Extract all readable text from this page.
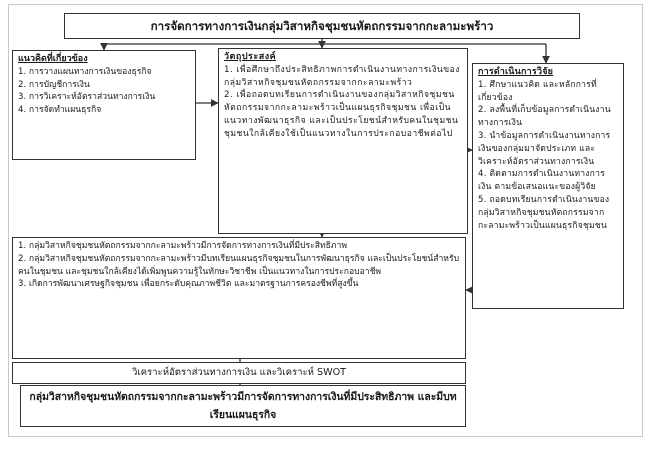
การจัดการทางการเงินกลุ่มวิสาหกิจชุมชนหัตถกรรมจากกะลามะพร้าว

แนวคิดที่เกี่ยวข้อง

1. การวางแผนทางการเงินของธุรกิจ

2. การบัญชีการเงิน

3. การวิเคราะห์อัตราส่วนทางการเงิน

4. การจัดทำแผนธุรกิจ

วัตถุประสงค์

1. เพื่อศึกษาถึงประสิทธิภาพการดำเนินงานทางการเงินของกลุ่มวิสาหกิจชุมชนหัตถกรรมจากกะลามะพร้าว

2. เพื่อถอดบทเรียนการดำเนินงานของกลุ่มวิสาหกิจชุมชนหัตถกรรมจากกะลามะพร้าวเป็นแผนธุรกิจชุมชน เพื่อเป็นแนวทางพัฒนาธุรกิจ และเป็นประโยชน์สำหรับคนในชุมชน ชุมชนใกล้เคียงใช้เป็นแนวทางในการประกอบอาชีพต่อไป

การดำเนินการวิจัย

1. ศึกษาแนวคิด และหลักการที่เกี่ยวข้อง

2. ลงพื้นที่เก็บข้อมูลการดำเนินงานทางการเงิน

3. นำข้อมูลการดำเนินงานทางการเงินของกลุ่มมาจัดประเภท และวิเคราะห์อัตราส่วนทางการเงิน

4. ติดตามการดำเนินงานทางการเงิน ตามข้อเสนอแนะของผู้วิจัย

5. ถอดบทเรียนการดำเนินงานของกลุ่มวิสาหกิจชุมชนหัตถกรรมจากกะลามะพร้าวเป็นแผนธุรกิจชุมชน

1. กลุ่มวิสาหกิจชุมชนหัตถกรรมจากกะลามะพร้าวมีการจัดการทางการเงินที่มีประสิทธิภาพ

2. กลุ่มวิสาหกิจชุมชนหัตถกรรมจากกะลามะพร้าวมีบทเรียนแผนธุรกิจชุมชนในการพัฒนาธุรกิจ และเป็นประโยชน์สำหรับคนในชุมชน และชุมชนใกล้เคียงได้เพิ่มพูนความรู้ในทักษะวิชาชีพ เป็นแนวทางในการประกอบอาชีพ

3. เกิดการพัฒนาเศรษฐกิจชุมชน เพื่อยกระดับคุณภาพชีวิต และมาตรฐานการครองชีพที่สูงขึ้น

วิเคราะห์อัตราส่วนทางการเงิน และวิเคราะห์ SWOT
กลุ่มวิสาหกิจชุมชนหัตถกรรมจากกะลามะพร้าวมีการจัดการทางการเงินที่มีประสิทธิภาพ และมีบทเรียนแผนธุรกิจ
